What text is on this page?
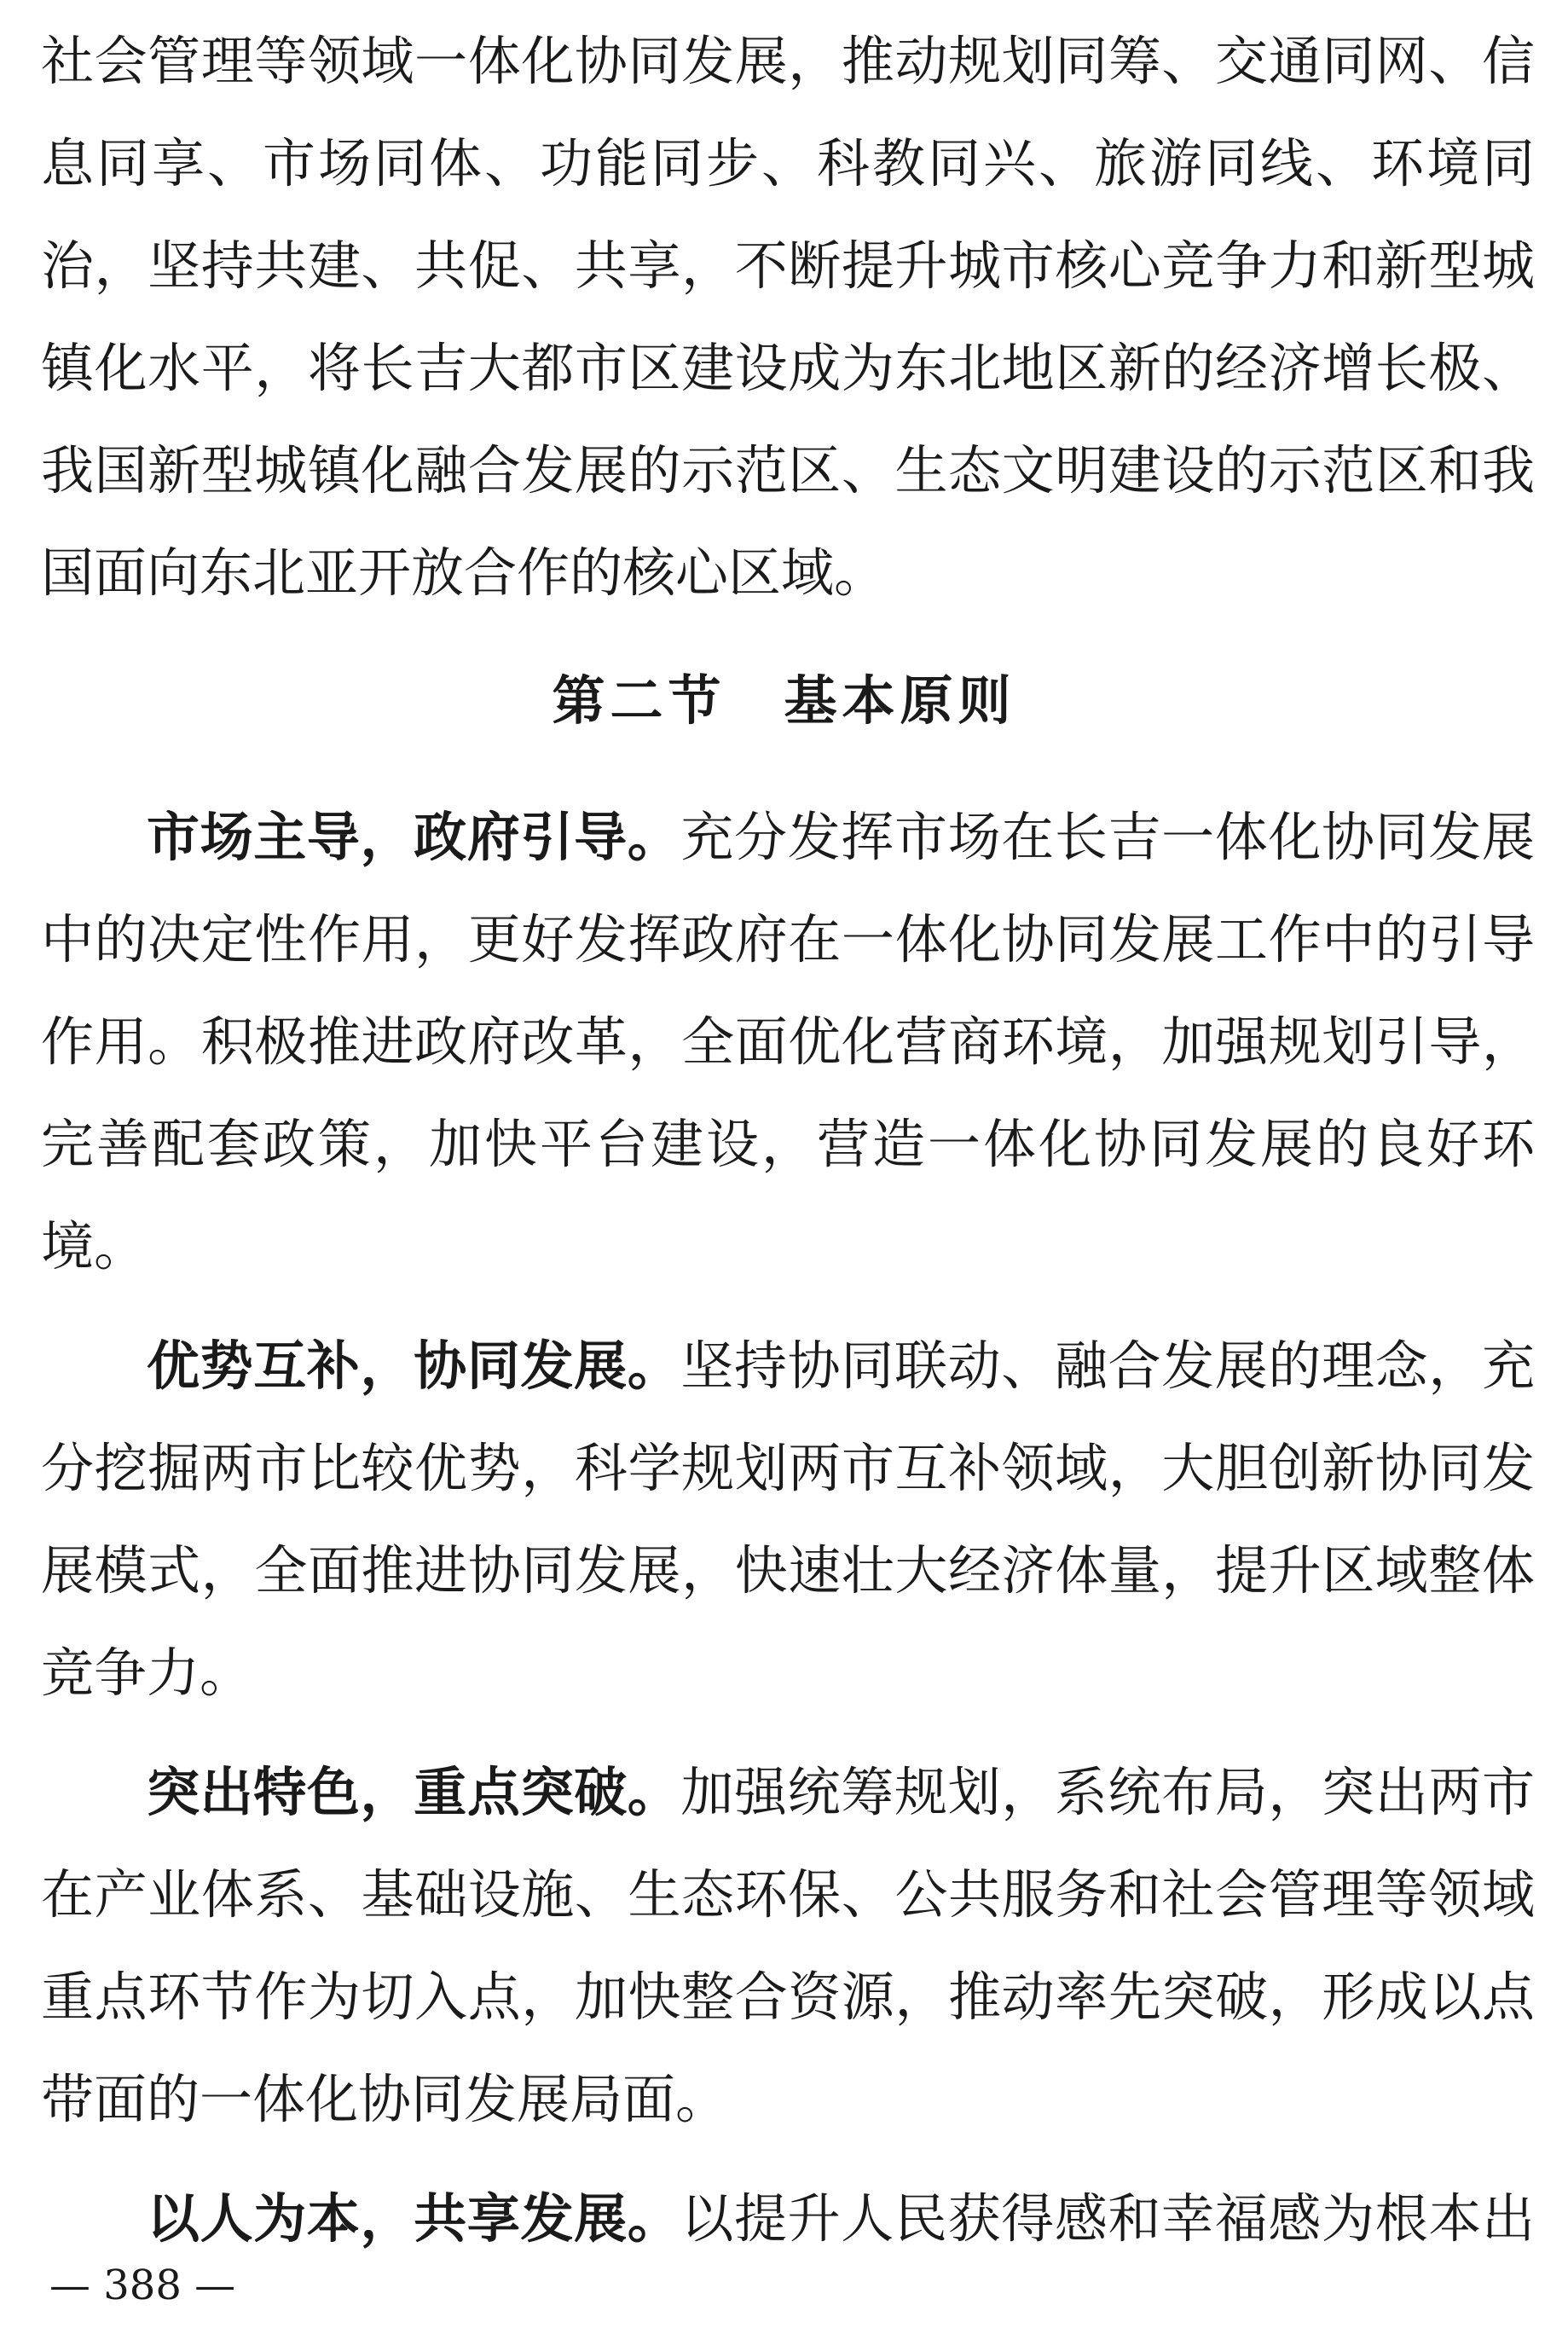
社会管理等领域一体化协同发展，推动规划同筹、交通同网、信
息同享、市场同体、功能同步、科教同兴、旅游同线、环境同
治，坚持共建、共促、共享，不断提升城市核心竞争力和新型城
镇化水平，将长吉大都市区建设成为东北地区新的经济增长极、
我国新型城镇化融合发展的示范区、生态文明建设的示范区和我
国面向东北亚开放合作的核心区域。
第二节　基本原则
市场主导，政府引导。充分发挥市场在长吉一体化协同发展
中的决定性作用，更好发挥政府在一体化协同发展工作中的引导
作用。积极推进政府改革，全面优化营商环境，加强规划引导，
完善配套政策，加快平台建设，营造一体化协同发展的良好环
境。
优势互补，协同发展。坚持协同联动、融合发展的理念，充
分挖掘两市比较优势，科学规划两市互补领域，大胆创新协同发
展模式，全面推进协同发展，快速壮大经济体量，提升区域整体
竞争力。
突出特色，重点突破。加强统筹规划，系统布局，突出两市
在产业体系、基础设施、生态环保、公共服务和社会管理等领域
重点环节作为切入点，加快整合资源，推动率先突破，形成以点
带面的一体化协同发展局面。
以人为本，共享发展。以提升人民获得感和幸福感为根本出
— 388 —
